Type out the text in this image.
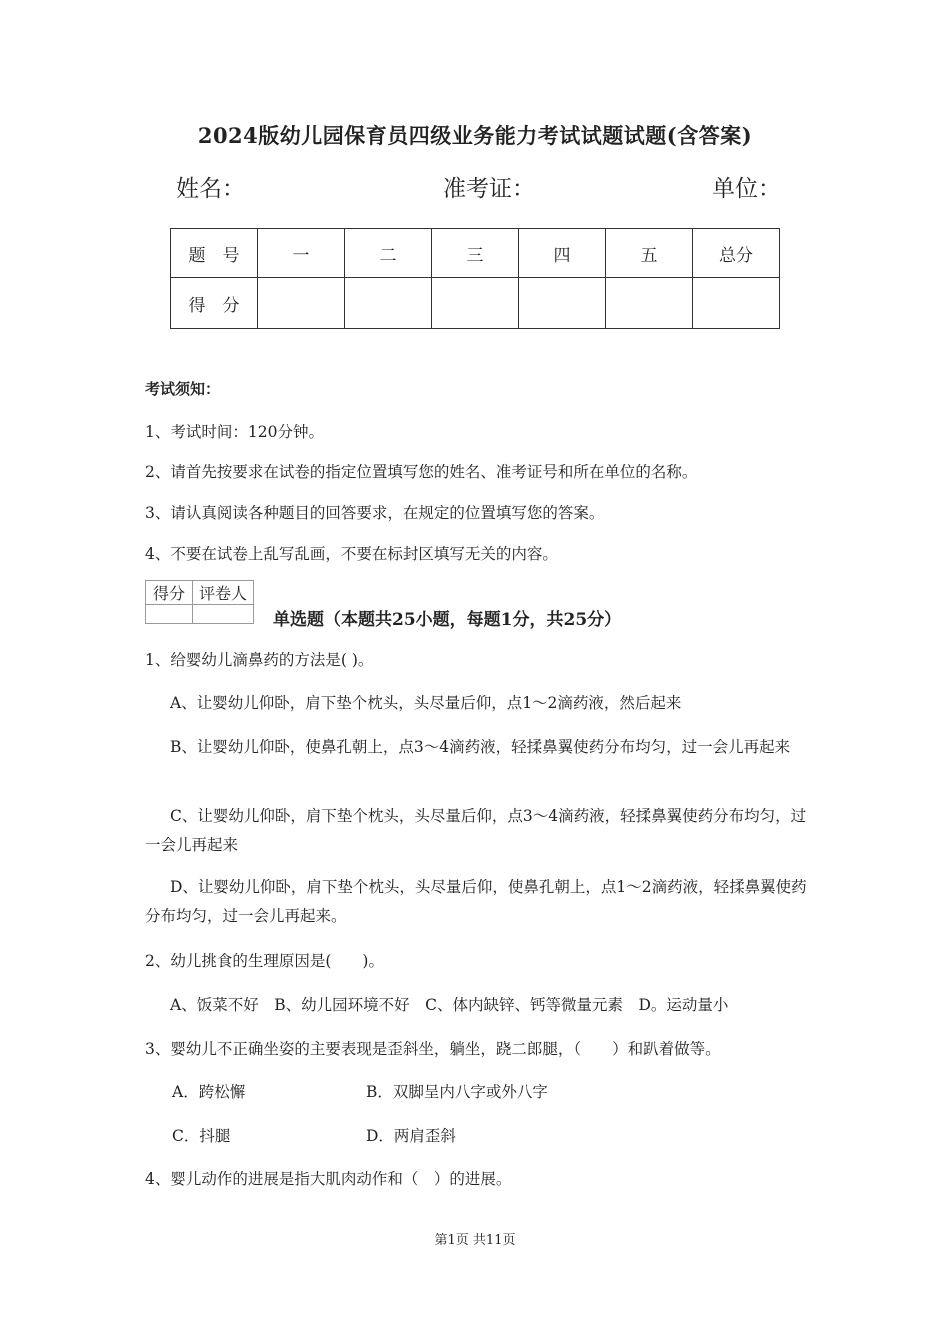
2024版幼儿园保育员四级业务能力考试试题试题(含答案)
姓名：	准考证：	单位：
题　号	一	二	三	四	五	总分
得　分						
考试须知：
1、考试时间：120分钟。
2、请首先按要求在试卷的指定位置填写您的姓名、准考证号和所在单位的名称。
3、请认真阅读各种题目的回答要求，在规定的位置填写您的答案。
4、不要在试卷上乱写乱画，不要在标封区填写无关的内容。
得分	评卷人

单选题（本题共25小题，每题1分，共25分）
1、给婴幼儿滴鼻药的方法是( )。
A、让婴幼儿仰卧，肩下垫个枕头，头尽量后仰，点1～2滴药液，然后起来
B、让婴幼儿仰卧，使鼻孔朝上，点3～4滴药液，轻揉鼻翼使药分布均匀，过一会儿再起来
C、让婴幼儿仰卧，肩下垫个枕头，头尽量后仰，点3～4滴药液，轻揉鼻翼使药分布均匀，过一会儿再起来
D、让婴幼儿仰卧，肩下垫个枕头，头尽量后仰，使鼻孔朝上，点1～2滴药液，轻揉鼻翼使药分布均匀，过一会儿再起来。
2、幼儿挑食的生理原因是(　　)。
A、饭菜不好　B、幼儿园环境不好　C、体内缺锌、钙等微量元素　D。运动量小
3、婴幼儿不正确坐姿的主要表现是歪斜坐，躺坐，跷二郎腿，（　　）和趴着做等。
A．跨松懈	B．双脚呈内八字或外八字
C．抖腿	D．两肩歪斜
4、婴儿动作的进展是指大肌肉动作和（　）的进展。
第1页 共11页
